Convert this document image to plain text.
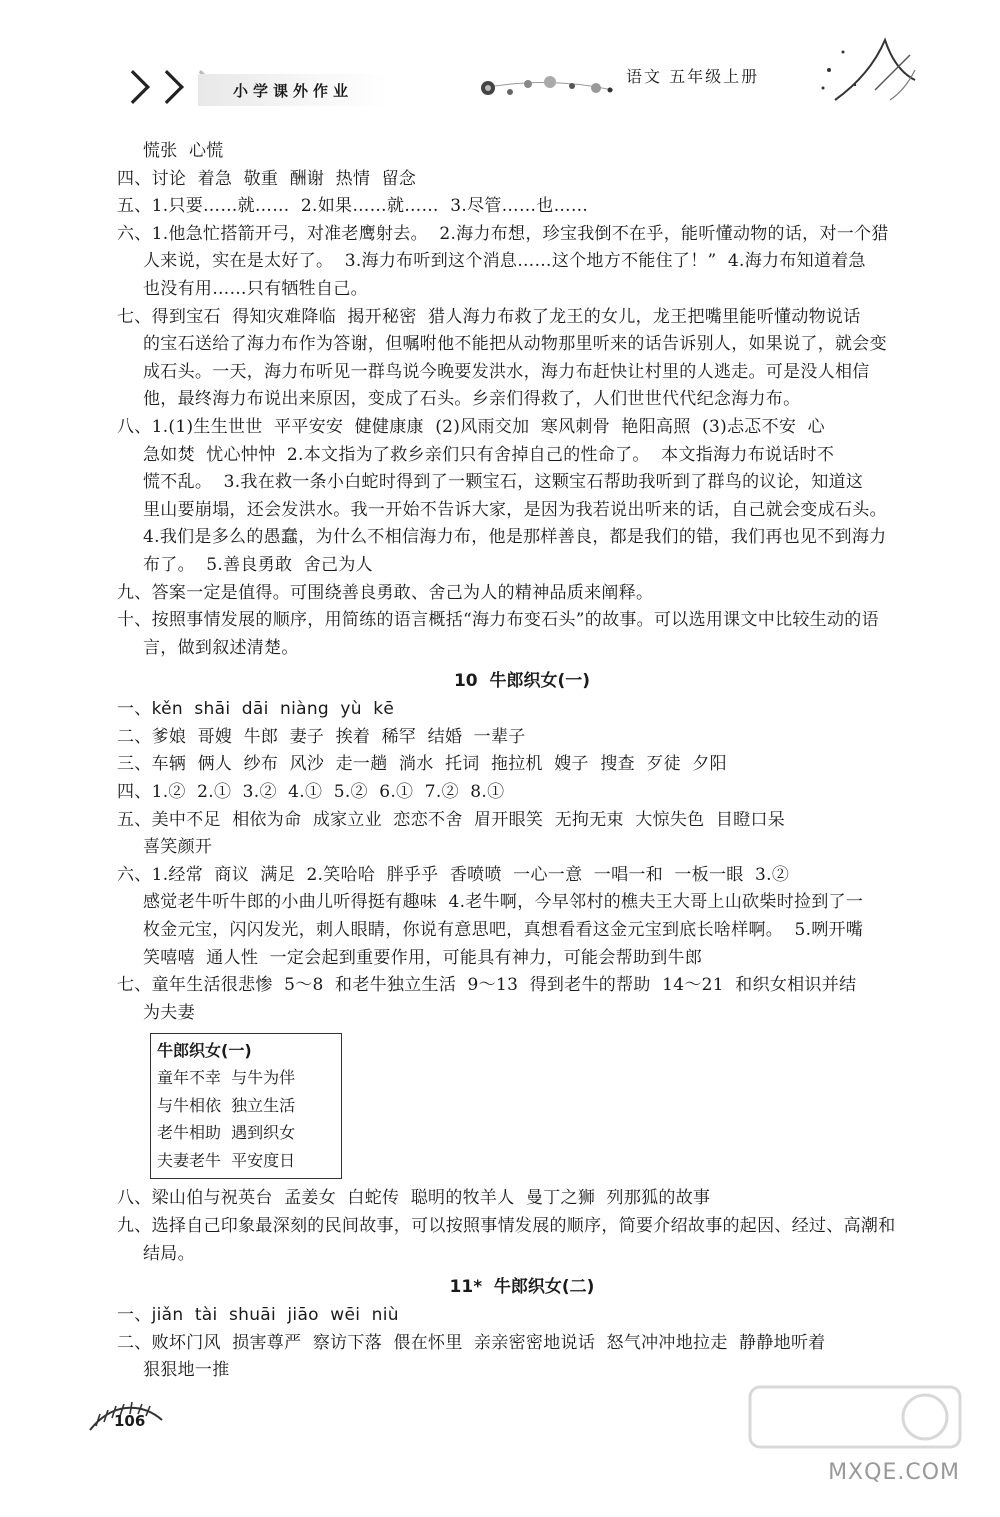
小学课外作业
语文 五年级上册

慌张  心慌

四、讨论  着急  敬重  酬谢  热情  留念

五、1.只要……就……  2.如果……就……  3.尽管……也……

六、1.他急忙搭箭开弓，对准老鹰射去。  2.海力布想，珍宝我倒不在乎，能听懂动物的话，对一个猎

人来说，实在是太好了。  3.海力布听到这个消息……这个地方不能住了！”  4.海力布知道着急

也没有用……只有牺牲自己。

七、得到宝石  得知灾难降临  揭开秘密  猎人海力布救了龙王的女儿，龙王把嘴里能听懂动物说话

的宝石送给了海力布作为答谢，但嘱咐他不能把从动物那里听来的话告诉别人，如果说了，就会变

成石头。一天，海力布听见一群鸟说今晚要发洪水，海力布赶快让村里的人逃走。可是没人相信

他，最终海力布说出来原因，变成了石头。乡亲们得救了，人们世世代代纪念海力布。

八、1.(1)生生世世  平平安安  健健康康  (2)风雨交加  寒风刺骨  艳阳高照  (3)忐忑不安  心

急如焚  忧心忡忡  2.本文指为了救乡亲们只有舍掉自己的性命了。  本文指海力布说话时不

慌不乱。  3.我在救一条小白蛇时得到了一颗宝石，这颗宝石帮助我听到了群鸟的议论，知道这

里山要崩塌，还会发洪水。我一开始不告诉大家，是因为我若说出听来的话，自己就会变成石头。

4.我们是多么的愚蠢，为什么不相信海力布，他是那样善良，都是我们的错，我们再也见不到海力

布了。  5.善良勇敢  舍己为人

九、答案一定是值得。可围绕善良勇敢、舍己为人的精神品质来阐释。

十、按照事情发展的顺序，用简练的语言概括“海力布变石头”的故事。可以选用课文中比较生动的语

言，做到叙述清楚。

10  牛郎织女(一)

一、kěn  shāi  dāi  niàng  yù  kē

二、爹娘  哥嫂  牛郎  妻子  挨着  稀罕  结婚  一辈子

三、车辆  俩人  纱布  风沙  走一趟  淌水  托词  拖拉机  嫂子  搜查  歹徒  夕阳

四、1.②  2.①  3.②  4.①  5.②  6.①  7.②  8.①

五、美中不足  相依为命  成家立业  恋恋不舍  眉开眼笑  无拘无束  大惊失色  目瞪口呆

喜笑颜开

六、1.经常  商议  满足  2.笑哈哈  胖乎乎  香喷喷  一心一意  一唱一和  一板一眼  3.②

感觉老牛听牛郎的小曲儿听得挺有趣味  4.老牛啊，今早邻村的樵夫王大哥上山砍柴时捡到了一

枚金元宝，闪闪发光，刺人眼睛，你说有意思吧，真想看看这金元宝到底长啥样啊。  5.咧开嘴

笑嘻嘻  通人性  一定会起到重要作用，可能具有神力，可能会帮助到牛郎

七、童年生活很悲惨  5～8  和老牛独立生活  9～13  得到老牛的帮助  14～21  和织女相识并结

为夫妻

牛郎织女(一)
童年不幸  与牛为伴
与牛相依  独立生活
老牛相助  遇到织女
夫妻老牛  平安度日

八、梁山伯与祝英台  孟姜女  白蛇传  聪明的牧羊人  曼丁之狮  列那狐的故事

九、选择自己印象最深刻的民间故事，可以按照事情发展的顺序，简要介绍故事的起因、经过、高潮和

结局。

11*  牛郎织女(二)

一、jiǎn  tài  shuāi  jiāo  wēi  niù

二、败坏门风  损害尊严  察访下落  偎在怀里  亲亲密密地说话  怒气冲冲地拉走  静静地听着

狠狠地一推

106
MXQE.COM
